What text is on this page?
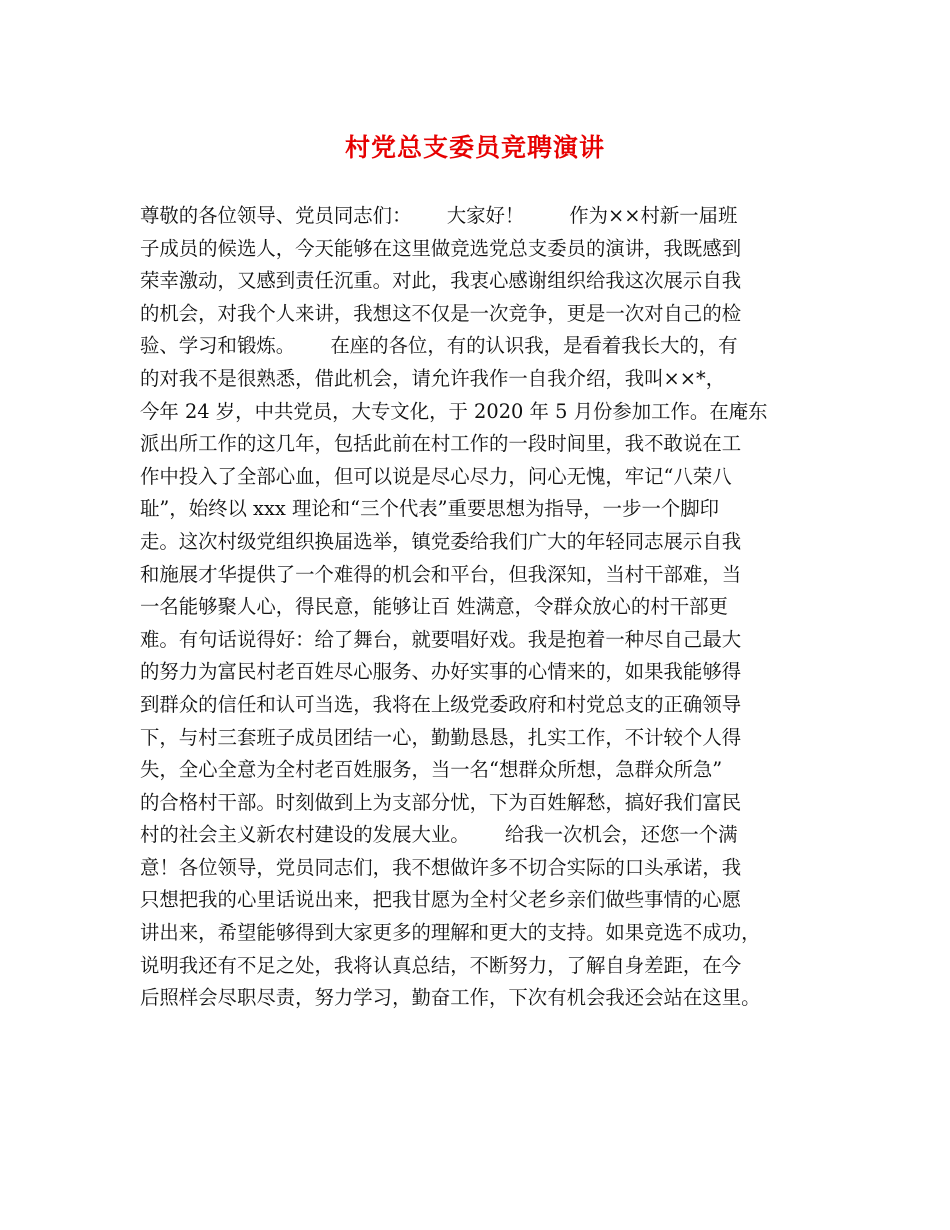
村党总支委员竞聘演讲
尊敬的各位领导、党员同志们：　　 大家好！　　 作为××村新一届班
子成员的候选人，今天能够在这里做竞选党总支委员的演讲，我既感到
荣幸激动，又感到责任沉重。对此，我衷心感谢组织给我这次展示自我
的机会，对我个人来讲，我想这不仅是一次竞争，更是一次对自己的检
验、学习和锻炼。　　 在座的各位，有的认识我，是看着我长大的，有
的对我不是很熟悉，借此机会，请允许我作一自我介绍，我叫××*，
今年 24 岁，中共党员，大专文化，于 2020 年 5 月份参加工作。在庵东
派出所工作的这几年，包括此前在村工作的一段时间里，我不敢说在工
作中投入了全部心血，但可以说是尽心尽力，问心无愧，牢记“八荣八
耻”，始终以 xxx 理论和“三个代表”重要思想为指导，一步一个脚印
走。这次村级党组织换届选举，镇党委给我们广大的年轻同志展示自我
和施展才华提供了一个难得的机会和平台，但我深知，当村干部难，当
一名能够聚人心，得民意，能够让百 姓满意，令群众放心的村干部更
难。有句话说得好：给了舞台，就要唱好戏。我是抱着一种尽自己最大
的努力为富民村老百姓尽心服务、办好实事的心情来的，如果我能够得
到群众的信任和认可当选，我将在上级党委政府和村党总支的正确领导
下，与村三套班子成员团结一心，勤勤恳恳，扎实工作，不计较个人得
失，全心全意为全村老百姓服务，当一名“想群众所想，急群众所急”
的合格村干部。时刻做到上为支部分忧，下为百姓解愁，搞好我们富民
村的社会主义新农村建设的发展大业。　　 给我一次机会，还您一个满
意！各位领导，党员同志们，我不想做许多不切合实际的口头承诺，我
只想把我的心里话说出来，把我甘愿为全村父老乡亲们做些事情的心愿
讲出来，希望能够得到大家更多的理解和更大的支持。如果竞选不成功，
说明我还有不足之处，我将认真总结，不断努力，了解自身差距，在今
后照样会尽职尽责，努力学习，勤奋工作，下次有机会我还会站在这里。
